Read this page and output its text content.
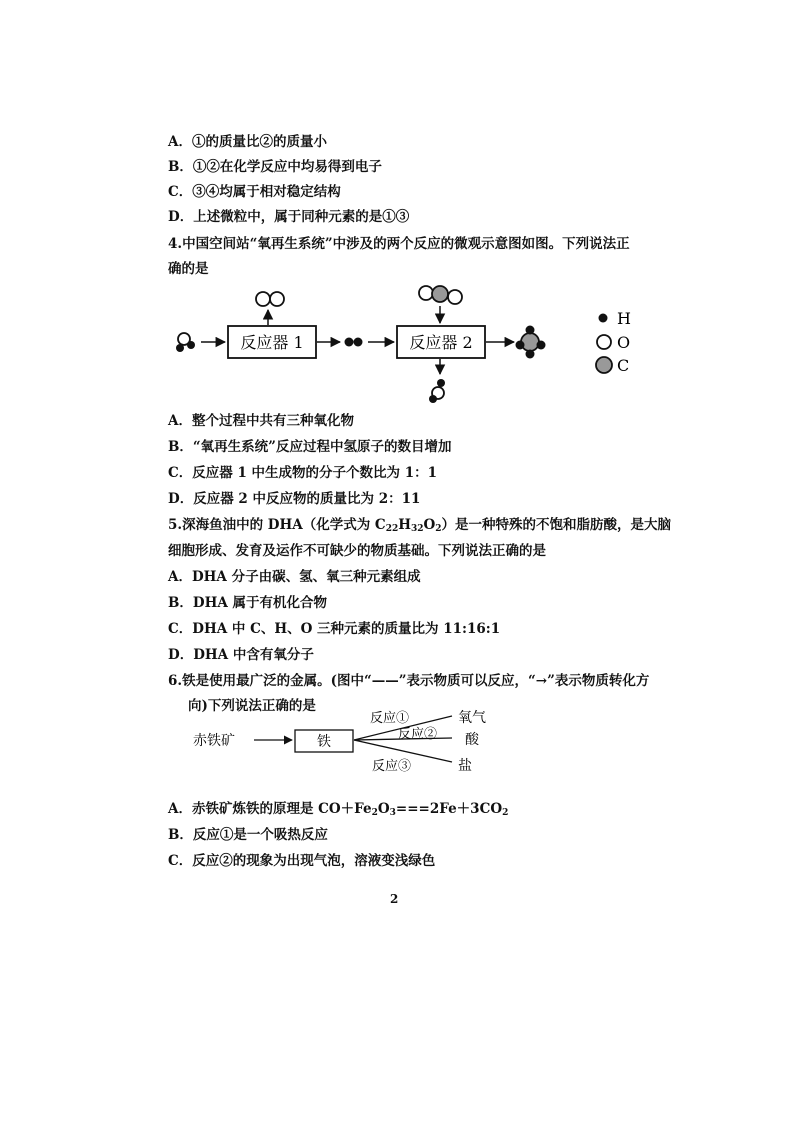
A．①的质量比②的质量小
B．①②在化学反应中均易得到电子
C．③④均属于相对稳定结构
D．上述微粒中，属于同种元素的是①③
4.中国空间站“氧再生系统”中涉及的两个反应的微观示意图如图。下列说法正
确的是
反应器 1	反应器 2
H
O
C
A．整个过程中共有三种氧化物
B．“氧再生系统”反应过程中氢原子的数目增加
C．反应器 1 中生成物的分子个数比为 1：1
D．反应器 2 中反应物的质量比为 2：11
5.深海鱼油中的 DHA（化学式为 $C_{22}H_{32}O_2$）是一种特殊的不饱和脂肪酸，是大脑
细胞形成、发育及运作不可缺少的物质基础。下列说法正确的是
A．DHA 分子由碳、氢、氧三种元素组成
B．DHA 属于有机化合物
C．DHA 中 C、H、O 三种元素的质量比为 11:16:1
D．DHA 中含有氧分子
6.铁是使用最广泛的金属。(图中“——”表示物质可以反应，“→”表示物质转化方
向)下列说法正确的是
赤铁矿	铁
反应①
反应②
反应③
氧气
酸
盐
A．赤铁矿炼铁的原理是 $CO+Fe_2O_3===2Fe+3CO_2$
B．反应①是一个吸热反应
C．反应②的现象为出现气泡，溶液变浅绿色
2
